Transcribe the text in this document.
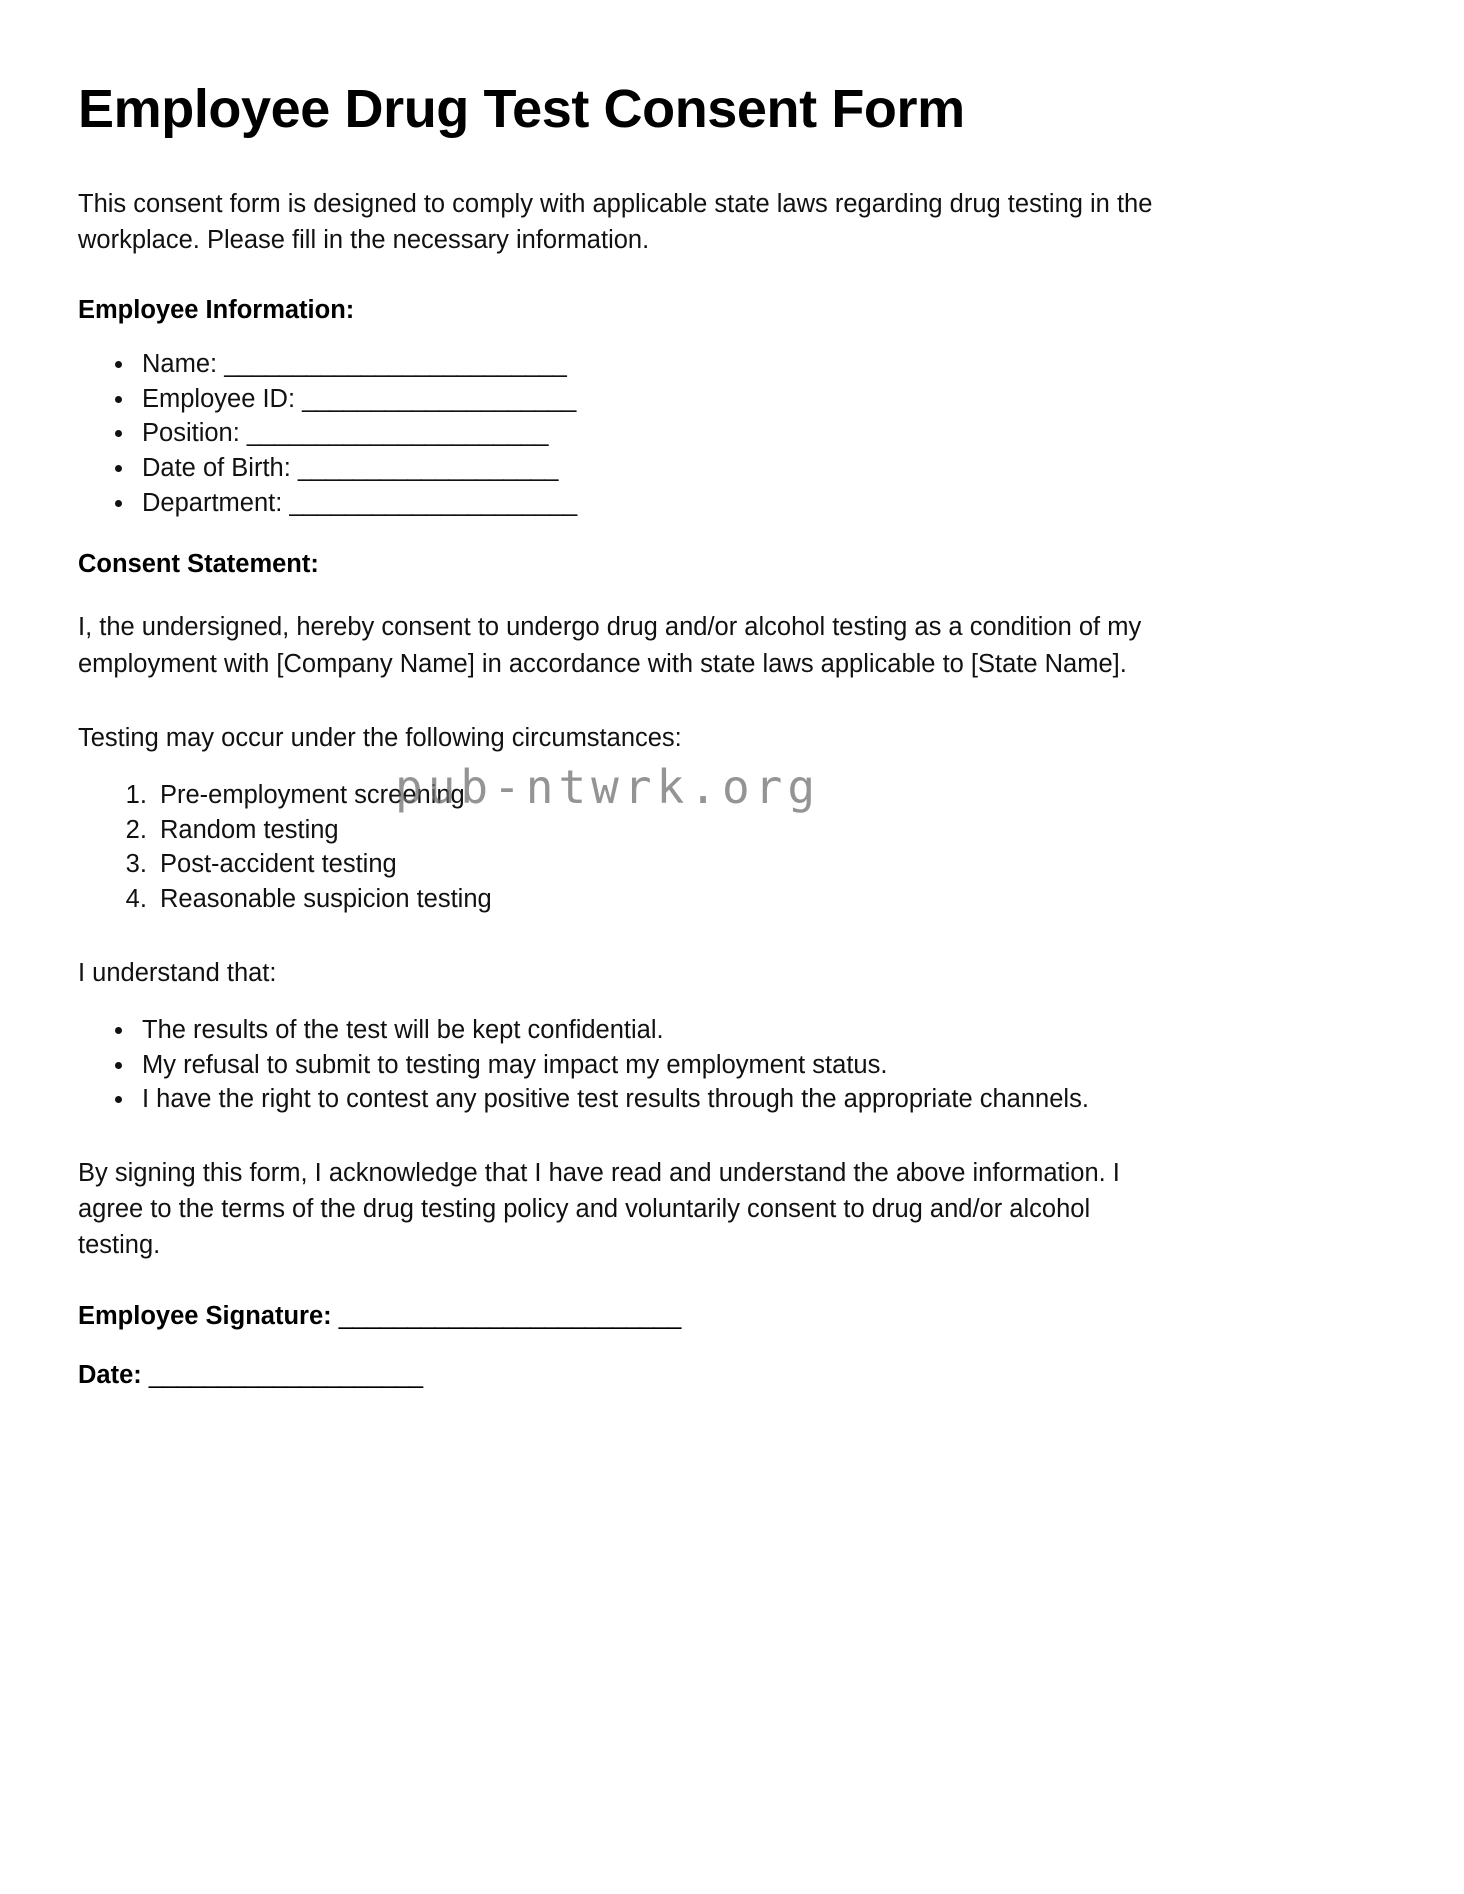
Employee Drug Test Consent Form

This consent form is designed to comply with applicable state laws regarding drug testing in the workplace. Please fill in the necessary information.

Employee Information:
• Name: _________________________
• Employee ID: ____________________
• Position: ______________________
• Date of Birth: ___________________
• Department: _____________________
Consent Statement:

I, the undersigned, hereby consent to undergo drug and/or alcohol testing as a condition of my employment with [Company Name] in accordance with state laws applicable to [State Name].

Testing may occur under the following circumstances:

1. Pre-employment screening
2. Random testing
3. Post-accident testing
4. Reasonable suspicion testing

I understand that:

• The results of the test will be kept confidential.
• My refusal to submit to testing may impact my employment status.
• I have the right to contest any positive test results through the appropriate channels.

By signing this form, I acknowledge that I have read and understand the above information. I agree to the terms of the drug testing policy and voluntarily consent to drug and/or alcohol testing.

Employee Signature: _________________________

Date: ____________________

pub-ntwrk.org
